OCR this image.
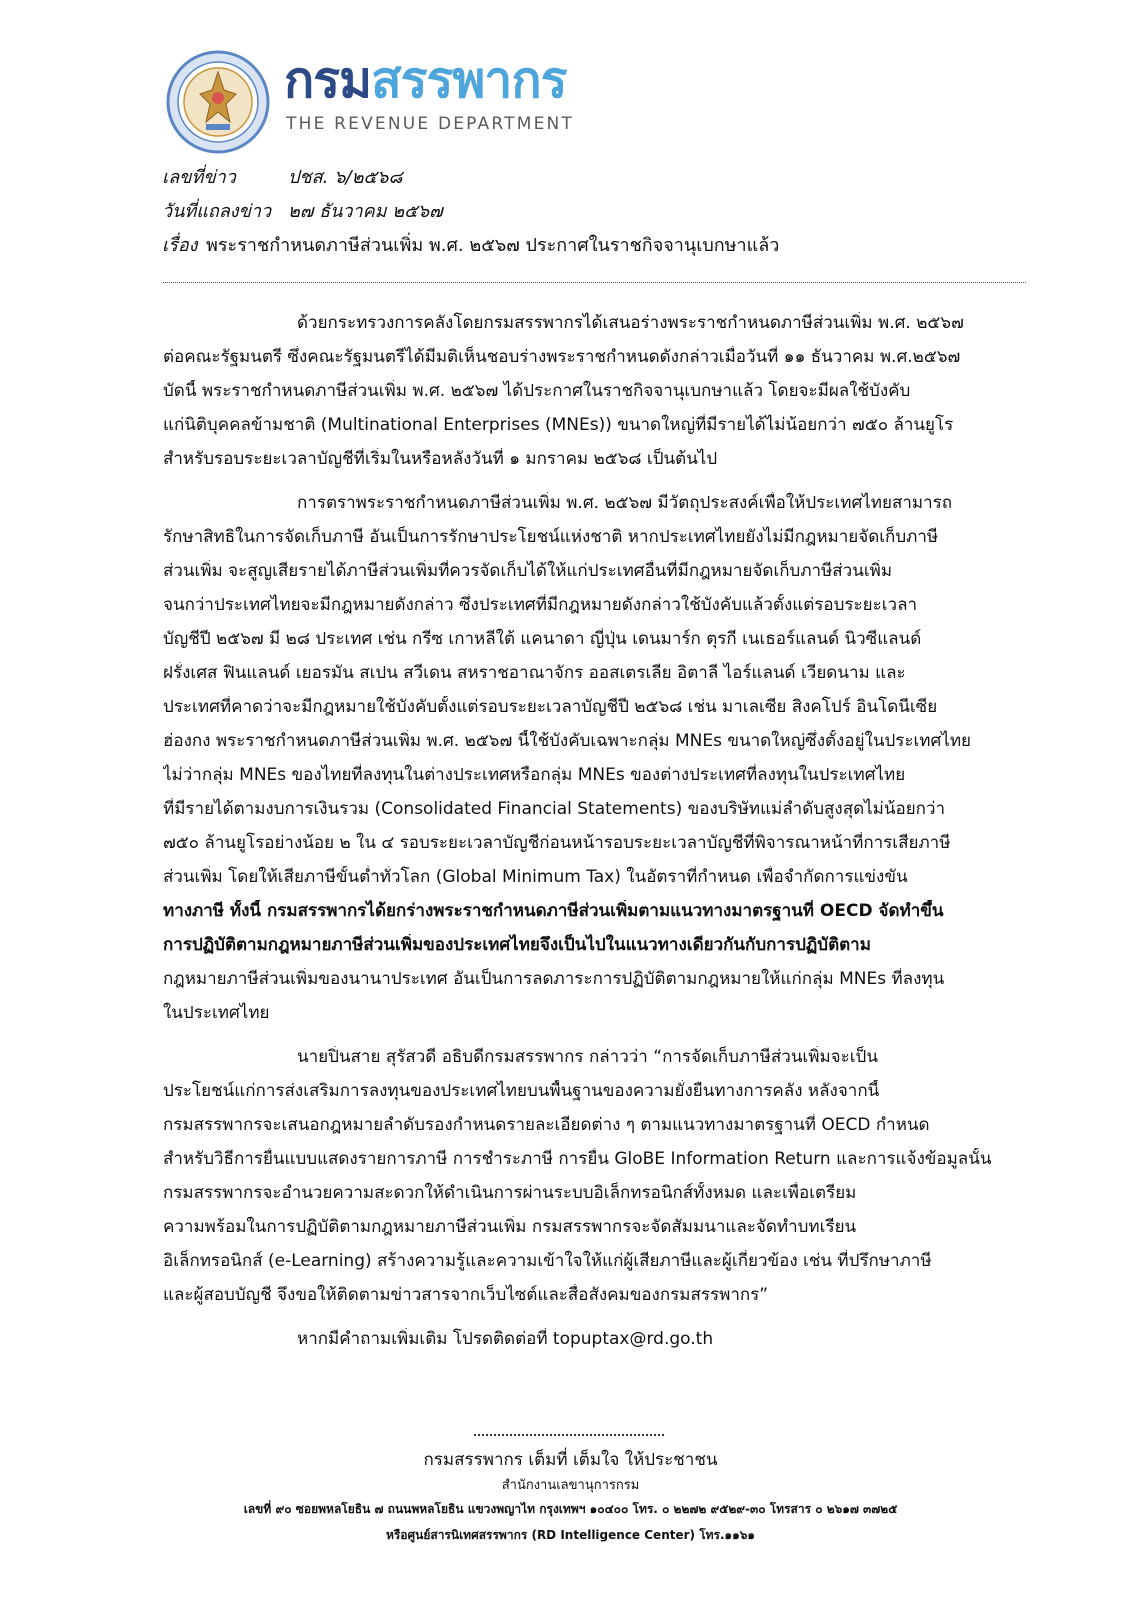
กรมสรรพากร
THE REVENUE DEPARTMENT
เลขที่ข่าว	ปชส. ๖/๒๕๖๘
วันที่แถลงข่าว ๒๗ ธันวาคม ๒๕๖๗
เรื่อง พระราชกำหนดภาษีส่วนเพิ่ม พ.ศ. ๒๕๖๗ ประกาศในราชกิจจานุเบกษาแล้ว
ด้วยกระทรวงการคลังโดยกรมสรรพากรได้เสนอร่างพระราชกำหนดภาษีส่วนเพิ่ม พ.ศ. ๒๕๖๗
ต่อคณะรัฐมนตรี ซึ่งคณะรัฐมนตรีได้มีมติเห็นชอบร่างพระราชกำหนดดังกล่าวเมื่อวันที่ ๑๑ ธันวาคม พ.ศ.๒๕๖๗
บัดนี้ พระราชกำหนดภาษีส่วนเพิ่ม พ.ศ. ๒๕๖๗ ได้ประกาศในราชกิจจานุเบกษาแล้ว โดยจะมีผลใช้บังคับ
แก่นิติบุคคลข้ามชาติ (Multinational Enterprises (MNEs)) ขนาดใหญ่ที่มีรายได้ไม่น้อยกว่า ๗๕๐ ล้านยูโร
สำหรับรอบระยะเวลาบัญชีที่เริ่มในหรือหลังวันที่ ๑ มกราคม ๒๕๖๘ เป็นต้นไป
การตราพระราชกำหนดภาษีส่วนเพิ่ม พ.ศ. ๒๕๖๗ มีวัตถุประสงค์เพื่อให้ประเทศไทยสามารถ
รักษาสิทธิในการจัดเก็บภาษี อันเป็นการรักษาประโยชน์แห่งชาติ หากประเทศไทยยังไม่มีกฎหมายจัดเก็บภาษี
ส่วนเพิ่ม จะสูญเสียรายได้ภาษีส่วนเพิ่มที่ควรจัดเก็บได้ให้แก่ประเทศอื่นที่มีกฎหมายจัดเก็บภาษีส่วนเพิ่ม
จนกว่าประเทศไทยจะมีกฎหมายดังกล่าว ซึ่งประเทศที่มีกฎหมายดังกล่าวใช้บังคับแล้วตั้งแต่รอบระยะเวลา
บัญชีปี ๒๕๖๗ มี ๒๘ ประเทศ เช่น กรีซ เกาหลีใต้ แคนาดา ญี่ปุ่น เดนมาร์ก ตุรกี เนเธอร์แลนด์ นิวซีแลนด์
ฝรั่งเศส ฟินแลนด์ เยอรมัน สเปน สวีเดน สหราชอาณาจักร ออสเตรเลีย อิตาลี ไอร์แลนด์ เวียดนาม และ
ประเทศที่คาดว่าจะมีกฎหมายใช้บังคับตั้งแต่รอบระยะเวลาบัญชีปี ๒๕๖๘ เช่น มาเลเซีย สิงคโปร์ อินโดนีเซีย
ฮ่องกง พระราชกำหนดภาษีส่วนเพิ่ม พ.ศ. ๒๕๖๗ นี้ใช้บังคับเฉพาะกลุ่ม MNEs ขนาดใหญ่ซึ่งตั้งอยู่ในประเทศไทย
ไม่ว่ากลุ่ม MNEs ของไทยที่ลงทุนในต่างประเทศหรือกลุ่ม MNEs ของต่างประเทศที่ลงทุนในประเทศไทย
ที่มีรายได้ตามงบการเงินรวม (Consolidated Financial Statements) ของบริษัทแม่ลำดับสูงสุดไม่น้อยกว่า
๗๕๐ ล้านยูโรอย่างน้อย ๒ ใน ๔ รอบระยะเวลาบัญชีก่อนหน้ารอบระยะเวลาบัญชีที่พิจารณาหน้าที่การเสียภาษี
ส่วนเพิ่ม โดยให้เสียภาษีขั้นต่ำทั่วโลก (Global Minimum Tax) ในอัตราที่กำหนด เพื่อจำกัดการแข่งขัน
ทางภาษี ทั้งนี้ กรมสรรพากรได้ยกร่างพระราชกำหนดภาษีส่วนเพิ่มตามแนวทางมาตรฐานที่ OECD จัดทำขึ้น
การปฏิบัติตามกฎหมายภาษีส่วนเพิ่มของประเทศไทยจึงเป็นไปในแนวทางเดียวกันกับการปฏิบัติตาม
กฎหมายภาษีส่วนเพิ่มของนานาประเทศ อันเป็นการลดภาระการปฏิบัติตามกฎหมายให้แก่กลุ่ม MNEs ที่ลงทุน
ในประเทศไทย
นายปิ่นสาย สุรัสวดี อธิบดีกรมสรรพากร กล่าวว่า “การจัดเก็บภาษีส่วนเพิ่มจะเป็น
ประโยชน์แก่การส่งเสริมการลงทุนของประเทศไทยบนพื้นฐานของความยั่งยืนทางการคลัง หลังจากนี้
กรมสรรพากรจะเสนอกฎหมายลำดับรองกำหนดรายละเอียดต่าง ๆ ตามแนวทางมาตรฐานที่ OECD กำหนด
สำหรับวิธีการยื่นแบบแสดงรายการภาษี การชำระภาษี การยื่น GloBE Information Return และการแจ้งข้อมูลนั้น
กรมสรรพากรจะอำนวยความสะดวกให้ดำเนินการผ่านระบบอิเล็กทรอนิกส์ทั้งหมด และเพื่อเตรียม
ความพร้อมในการปฏิบัติตามกฎหมายภาษีส่วนเพิ่ม กรมสรรพากรจะจัดสัมมนาและจัดทำบทเรียน
อิเล็กทรอนิกส์ (e-Learning) สร้างความรู้และความเข้าใจให้แก่ผู้เสียภาษีและผู้เกี่ยวข้อง เช่น ที่ปรึกษาภาษี
และผู้สอบบัญชี จึงขอให้ติดตามข่าวสารจากเว็บไซต์และสื่อสังคมของกรมสรรพากร”
หากมีคำถามเพิ่มเติม โปรดติดต่อที่ topuptax@rd.go.th
กรมสรรพากร เต็มที่ เต็มใจ ให้ประชาชน
สำนักงานเลขานุการกรม
เลขที่ ๙๐ ซอยพหลโยธิน ๗ ถนนพหลโยธิน แขวงพญาไท กรุงเทพฯ ๑๐๔๐๐ โทร. ๐ ๒๒๗๒ ๙๕๒๙-๓๐ โทรสาร ๐ ๒๖๑๗ ๓๗๒๕
หรือศูนย์สารนิเทศสรรพากร (RD Intelligence Center) โทร.๑๑๖๑
